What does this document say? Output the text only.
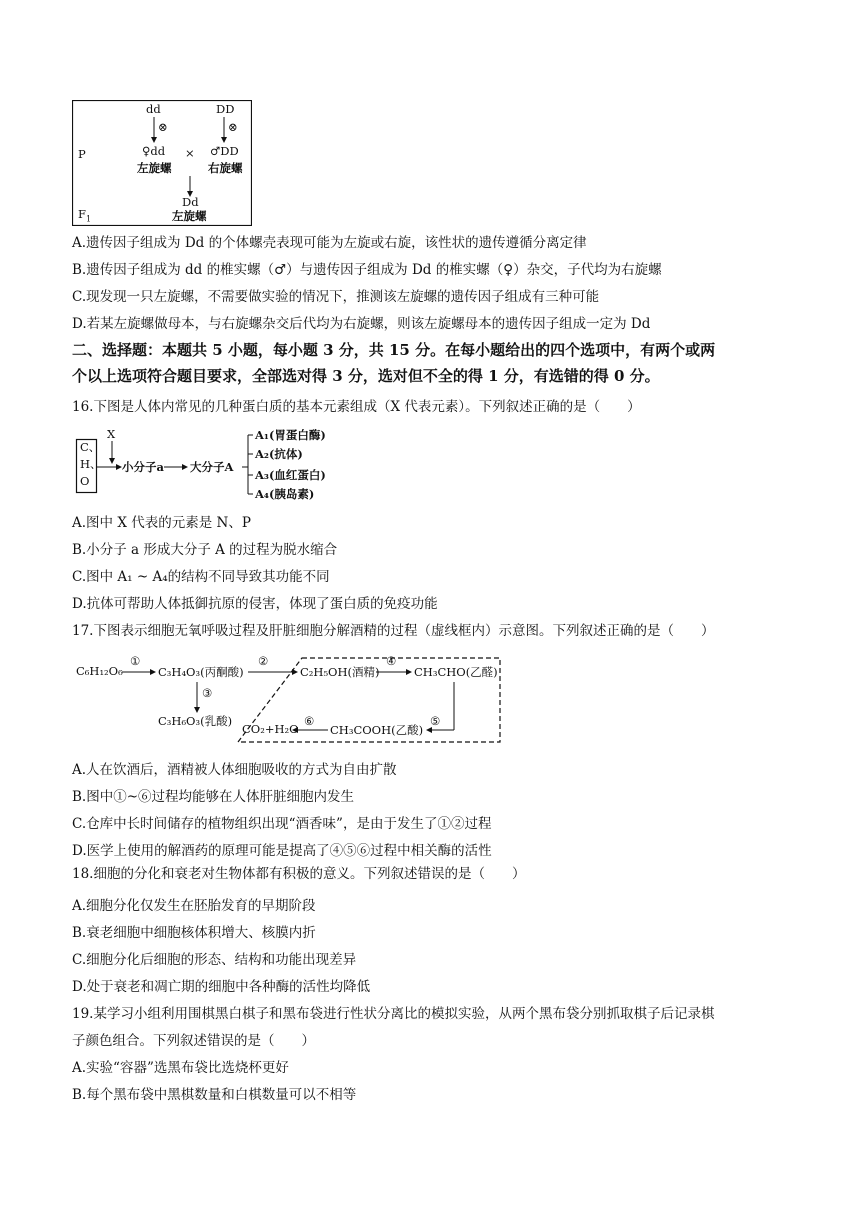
dd	DD
⊗	⊗
P	♀dd × ♂DD
左旋螺	右旋螺
Dd
左旋螺
$F_1$
A.遗传因子组成为 Dd 的个体螺壳表现可能为左旋或右旋，该性状的遗传遵循分离定律
B.遗传因子组成为 dd 的椎实螺（♂）与遗传因子组成为 Dd 的椎实螺（♀）杂交，子代均为右旋螺
C.现发现一只左旋螺，不需要做实验的情况下，推测该左旋螺的遗传因子组成有三种可能
D.若某左旋螺做母本，与右旋螺杂交后代均为右旋螺，则该左旋螺母本的遗传因子组成一定为 Dd
二、选择题：本题共 5 小题，每小题 3 分，共 15 分。在每小题给出的四个选项中，有两个或两
个以上选项符合题目要求，全部选对得 3 分，选对但不全的得 1 分，有选错的得 0 分。
16.下图是人体内常见的几种蛋白质的基本元素组成（X 代表元素）。下列叙述正确的是（　　）
C、
H、
O
X
小分子a 大分子A
A₁(胃蛋白酶)
A₂(抗体)
A₃(血红蛋白)
A₄(胰岛素)
A.图中 X 代表的元素是 N、P
B.小分子 a 形成大分子 A 的过程为脱水缩合
C.图中 A₁ ~ A₄的结构不同导致其功能不同
D.抗体可帮助人体抵御抗原的侵害，体现了蛋白质的免疫功能
17.下图表示细胞无氧呼吸过程及肝脏细胞分解酒精的过程（虚线框内）示意图。下列叙述正确的是（　　）
C₆H₁₂O₆
①
C₃H₄O₃(丙酮酸)
②
C₂H₅OH(酒精)
④
CH₃CHO(乙醛)
③
C₃H₆O₃(乳酸)	⑤
CH₃COOH(乙酸)
⑥
CO₂+H₂O
A.人在饮酒后，酒精被人体细胞吸收的方式为自由扩散
B.图中①~⑥过程均能够在人体肝脏细胞内发生
C.仓库中长时间储存的植物组织出现“酒香味”，是由于发生了①②过程
D.医学上使用的解酒药的原理可能是提高了④⑤⑥过程中相关酶的活性
18.细胞的分化和衰老对生物体都有积极的意义。下列叙述错误的是（　　）
A.细胞分化仅发生在胚胎发育的早期阶段
B.衰老细胞中细胞核体积增大、核膜内折
C.细胞分化后细胞的形态、结构和功能出现差异
D.处于衰老和凋亡期的细胞中各种酶的活性均降低
19.某学习小组利用围棋黑白棋子和黑布袋进行性状分离比的模拟实验，从两个黑布袋分别抓取棋子后记录棋
子颜色组合。下列叙述错误的是（　　）
A.实验“容器”选黑布袋比选烧杯更好
B.每个黑布袋中黑棋数量和白棋数量可以不相等
